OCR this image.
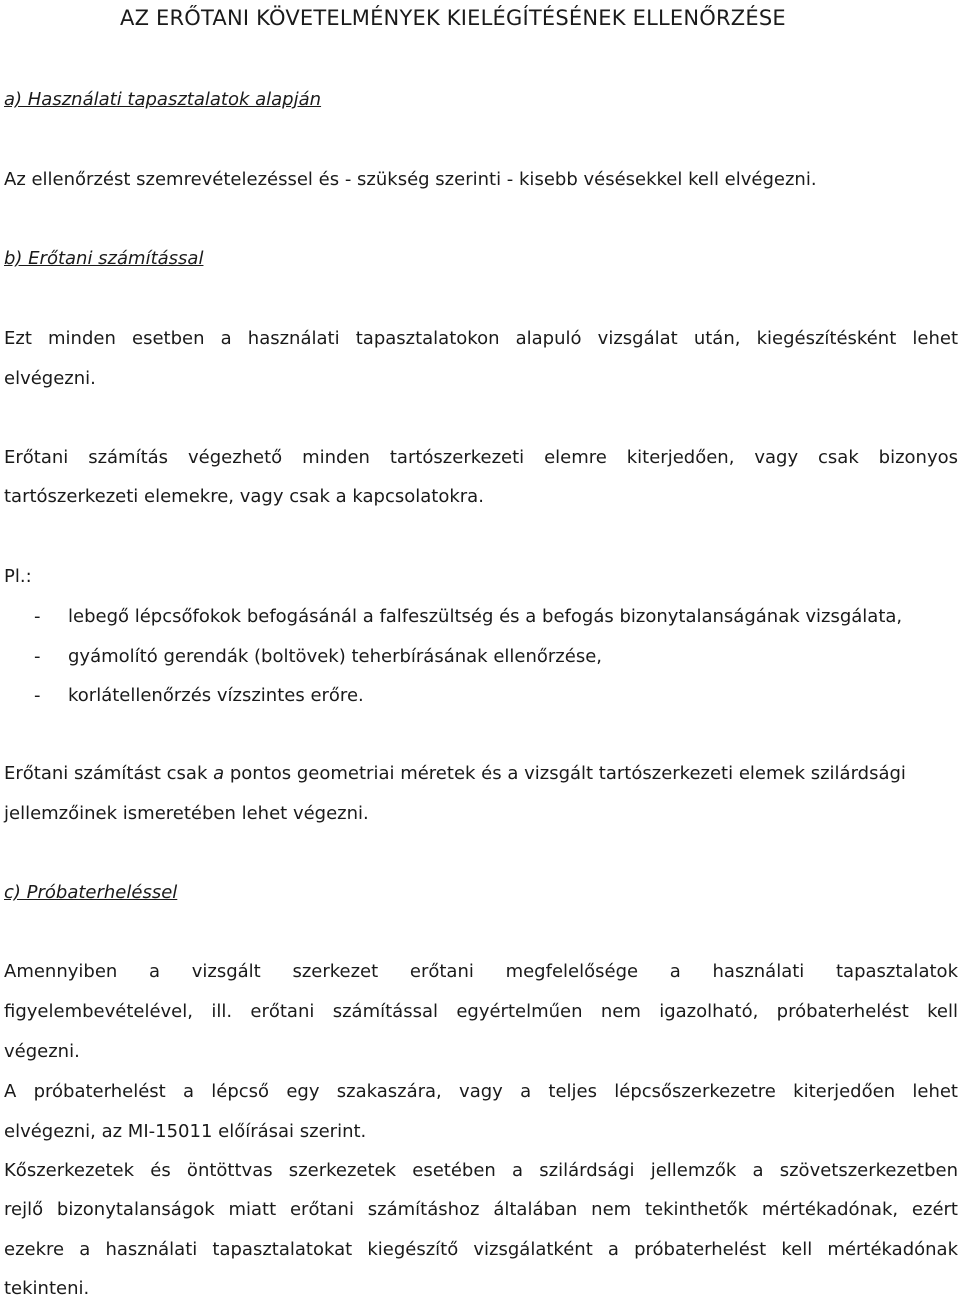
AZ ERŐTANI KÖVETELMÉNYEK KIELÉGÍTÉSÉNEK ELLENŐRZÉSE

a) Használati tapasztalatok alapján

Az ellenőrzést szemrevételezéssel és - szükség szerinti - kisebb vésésekkel kell elvégezni.

b) Erőtani számítással

Ezt minden esetben a használati tapasztalatokon alapuló vizsgálat után, kiegészítésként lehet

elvégezni.

Erőtani számítás végezhető minden tartószerkezeti elemre kiterjedően, vagy csak bizonyos

tartószerkezeti elemekre, vagy csak a kapcsolatokra.

Pl.:

- lebegő lépcsőfokok befogásánál a falfeszültség és a befogás bizonytalanságának vizsgálata,
- gyámolító gerendák (boltövek) teherbírásának ellenőrzése,
- korlátellenőrzés vízszintes erőre.

Erőtani számítást csak a pontos geometriai méretek és a vizsgált tartószerkezeti elemek szilárdsági

jellemzőinek ismeretében lehet végezni.

c) Próbaterheléssel

Amennyiben a vizsgált szerkezet erőtani megfelelősége a használati tapasztalatok

figyelembevételével, ill. erőtani számítással egyértelműen nem igazolható, próbaterhelést kell

végezni.

A próbaterhelést a lépcső egy szakaszára, vagy a teljes lépcsőszerkezetre kiterjedően lehet

elvégezni, az MI-15011 előírásai szerint.

Kőszerkezetek és öntöttvas szerkezetek esetében a szilárdsági jellemzők a szövetszerkezetben

rejlő bizonytalanságok miatt erőtani számításhoz általában nem tekinthetők mértékadónak, ezért

ezekre a használati tapasztalatokat kiegészítő vizsgálatként a próbaterhelést kell mértékadónak

tekinteni.
